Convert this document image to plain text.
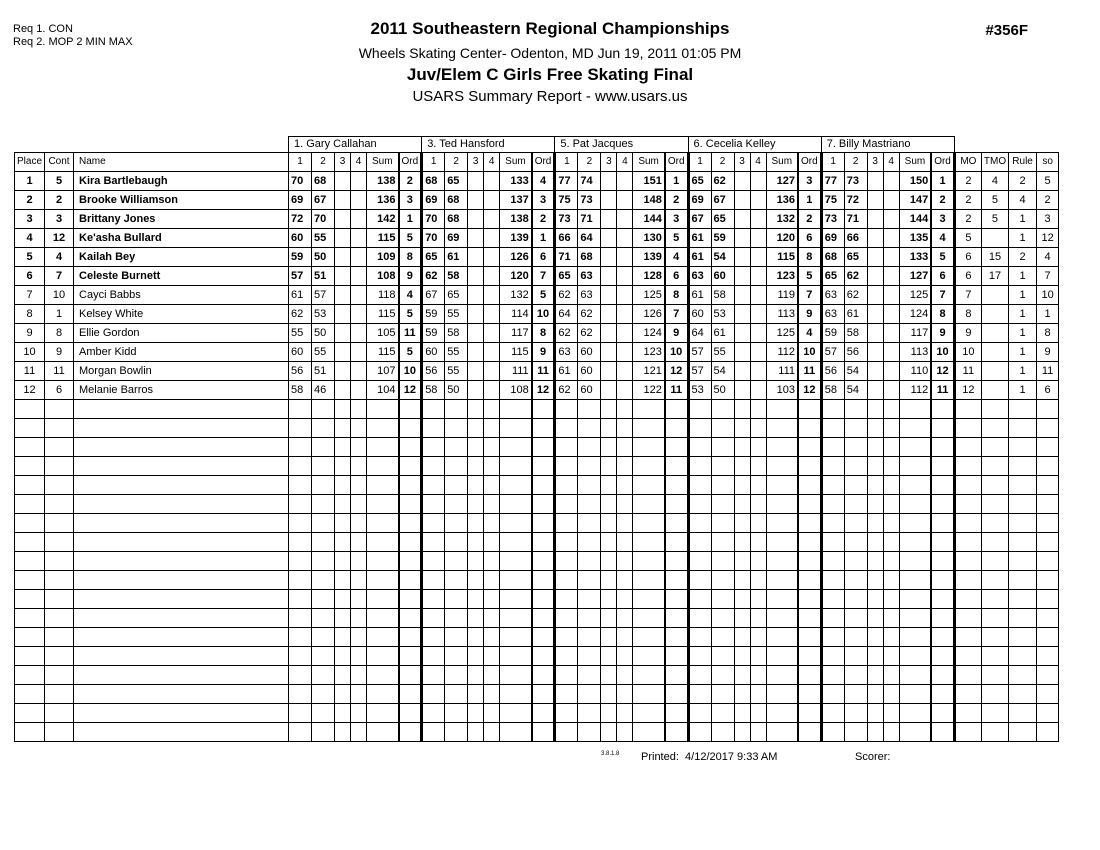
Req 1. CON
Req 2. MOP 2 MIN MAX
2011 Southeastern Regional Championships
Wheels Skating Center- Odenton, MD Jun 19, 2011 01:05 PM
Juv/Elem C Girls Free Skating Final
USARS Summary Report - www.usars.us
#356F
			1. Gary Callahan						3. Ted Hansford						5. Pat Jacques						6. Cecelia Kelley						7. Billy Mastriano									
Place	Cont	Name	1	2	3	4	Sum	Ord	1	2	3	4	Sum	Ord	1	2	3	4	Sum	Ord	1	2	3	4	Sum	Ord	1	2	3	4	Sum	Ord	MO	TMO	Rule	so
1	5	Kira Bartlebaugh	70	68			138	2	68	65			133	4	77	74			151	1	65	62			127	3	77	73			150	1	2	4	2	5
2	2	Brooke Williamson	69	67			136	3	69	68			137	3	75	73			148	2	69	67			136	1	75	72			147	2	2	5	4	2
3	3	Brittany Jones	72	70			142	1	70	68			138	2	73	71			144	3	67	65			132	2	73	71			144	3	2	5	1	3
4	12	Ke'asha Bullard	60	55			115	5	70	69			139	1	66	64			130	5	61	59			120	6	69	66			135	4	5		1	12
5	4	Kailah Bey	59	50			109	8	65	61			126	6	71	68			139	4	61	54			115	8	68	65			133	5	6	15	2	4
6	7	Celeste Burnett	57	51			108	9	62	58			120	7	65	63			128	6	63	60			123	5	65	62			127	6	6	17	1	7
7	10	Cayci Babbs	61	57			118	4	67	65			132	5	62	63			125	8	61	58			119	7	63	62			125	7	7		1	10
8	1	Kelsey White	62	53			115	5	59	55			114	10	64	62			126	7	60	53			113	9	63	61			124	8	8		1	1
9	8	Ellie Gordon	55	50			105	11	59	58			117	8	62	62			124	9	64	61			125	4	59	58			117	9	9		1	8
10	9	Amber Kidd	60	55			115	5	60	55			115	9	63	60			123	10	57	55			112	10	57	56			113	10	10		1	9
11	11	Morgan Bowlin	56	51			107	10	56	55			111	11	61	60			121	12	57	54			111	11	56	54			110	12	11		1	11
12	6	Melanie Barros	58	46			104	12	58	50			108	12	62	60			122	11	53	50			103	12	58	54			112	11	12		1	6

3.8.1.8 Printed: 4/12/2017 9:33 AM	Scorer:
